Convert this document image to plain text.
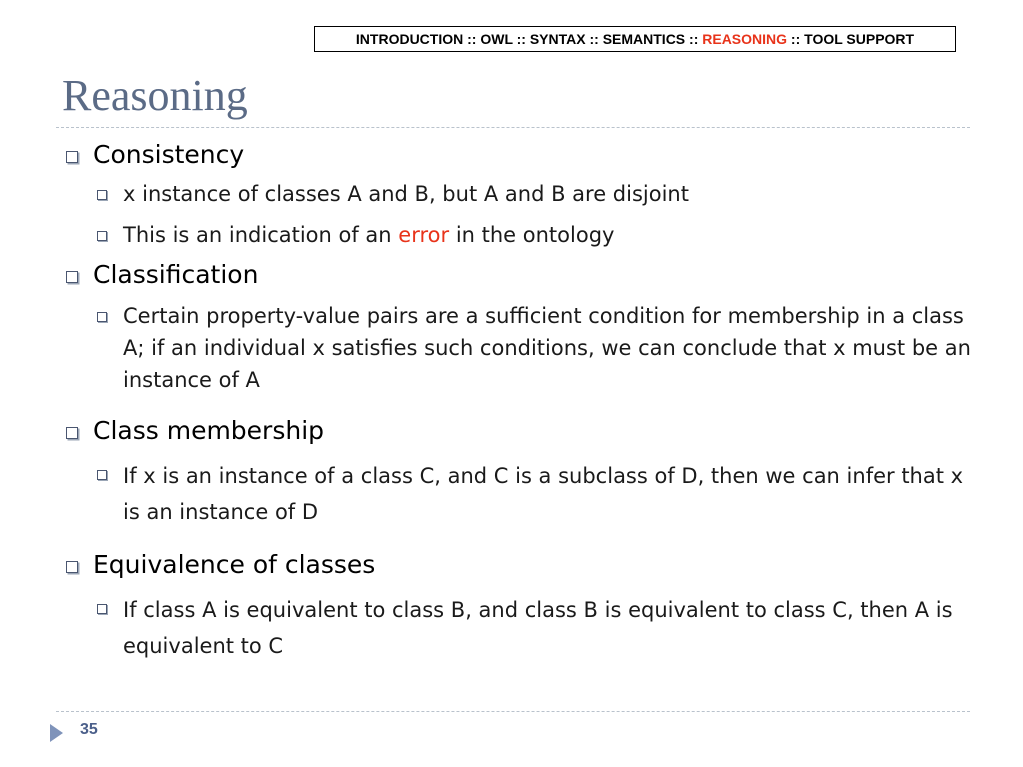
INTRODUCTION :: OWL :: SYNTAX :: SEMANTICS :: REASONING :: TOOL SUPPORT
Reasoning
Consistency
x instance of classes A and B, but A and B are disjoint
This is an indication of an error in the ontology
Classification
Certain property-value pairs are a sufficient condition for membership in a class A; if an individual x satisfies such conditions, we can conclude that x must be an instance of A
Class membership
If x is an instance of a class C, and C is a subclass of D, then we can infer that x is an instance of D
Equivalence of classes
If class A is equivalent to class B, and class B is equivalent to class C, then A is equivalent to C
35
